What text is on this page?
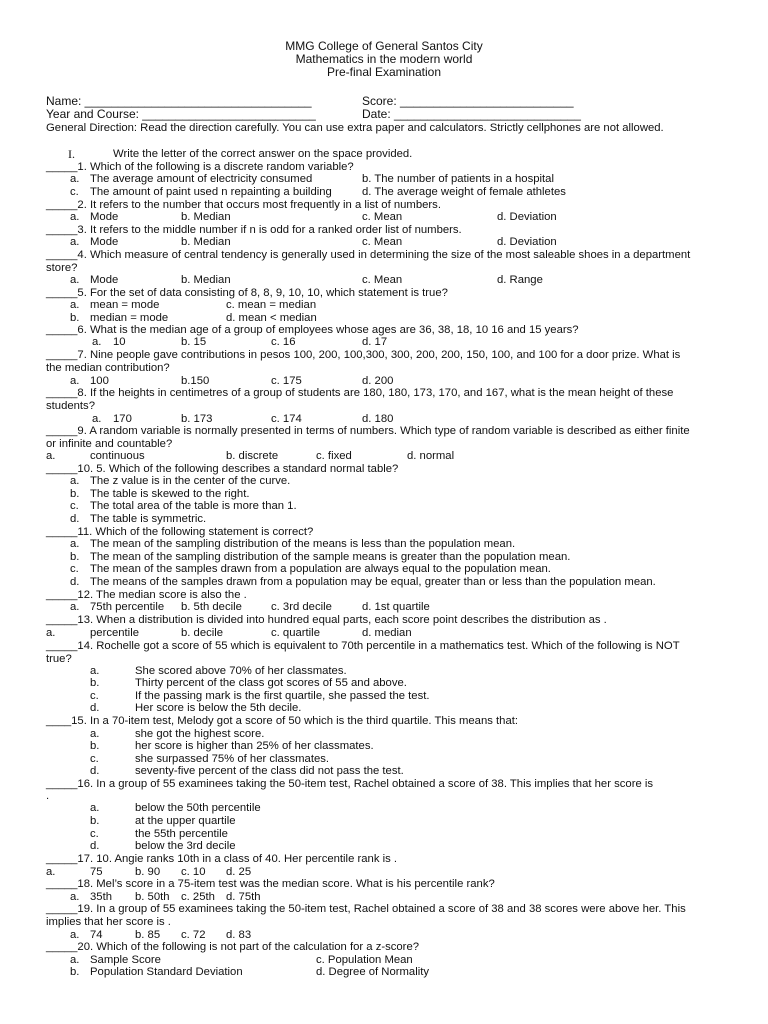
MMG College of General Santos City
Mathematics in the modern world
Pre-final Examination
Name: __________________________________	Score: __________________________
Year and Course: __________________________	Date: ____________________________
General Direction: Read the direction carefully. You can use extra paper and calculators. Strictly cellphones are not allowed.
I.	Write the letter of the correct answer on the space provided.
_____1. Which of the following is a discrete random variable?
a. The average amount of electricity consumed	b. The number of patients in a hospital
c. The amount of paint used n repainting a building	d. The average weight of female athletes
_____2. It refers to the number that occurs most frequently in a list of numbers.
a. Mode	b. Median	c. Mean	d. Deviation
_____3. It refers to the middle number if n is odd for a ranked order list of numbers.
a. Mode	b. Median	c. Mean	d. Deviation
_____4. Which measure of central tendency is generally used in determining the size of the most saleable shoes in a department store?
a. Mode	b. Median	c. Mean	d. Range
_____5. For the set of data consisting of 8, 8, 9, 10, 10, which statement is true?
a. mean = mode	c. mean = median
b. median = mode	d. mean < median
_____6. What is the median age of a group of employees whose ages are 36, 38, 18, 10 16 and 15 years?
a. 10	b. 15	c. 16	d. 17
_____7. Nine people gave contributions in pesos 100, 200, 100,300, 300, 200, 200, 150, 100, and 100 for a door prize. What is the median contribution?
a. 100	b.150	c. 175	d. 200
_____8. If the heights in centimetres of a group of students are 180, 180, 173, 170, and 167, what is the mean height of these students?
a. 170	b. 173	c. 174	d. 180
_____9. A random variable is normally presented in terms of numbers. Which type of random variable is described as either finite or infinite and countable?
a.	continuous	b. discrete	c. fixed	d. normal
_____10. 5. Which of the following describes a standard normal table?
a. The z value is in the center of the curve.
b. The table is skewed to the right.
c. The total area of the table is more than 1.
d. The table is symmetric.
_____11. Which of the following statement is correct?
a. The mean of the sampling distribution of the means is less than the population mean.
b. The mean of the sampling distribution of the sample means is greater than the population mean.
c. The mean of the samples drawn from a population are always equal to the population mean.
d. The means of the samples drawn from a population may be equal, greater than or less than the population mean.
_____12. The median score is also the .
a. 75th percentile b. 5th decile	c. 3rd decile	d. 1st quartile
_____13. When a distribution is divided into hundred equal parts, each score point describes the distribution as .
a.	percentile	b. decile	c. quartile	d. median
_____14. Rochelle got a score of 55 which is equivalent to 70th percentile in a mathematics test. Which of the following is NOT true?
a.	She scored above 70% of her classmates.
b.	Thirty percent of the class got scores of 55 and above.
c.	If the passing mark is the first quartile, she passed the test.
d.	Her score is below the 5th decile.
____15. In a 70-item test, Melody got a score of 50 which is the third quartile. This means that:
a.	she got the highest score.
b.	her score is higher than 25% of her classmates.
c.	she surpassed 75% of her classmates.
d.	seventy-five percent of the class did not pass the test.
_____16. In a group of 55 examinees taking the 50-item test, Rachel obtained a score of 38. This implies that her score is
.
a.	below the 50th percentile
b.	at the upper quartile
c.	the 55th percentile
d.	below the 3rd decile
_____17. 10. Angie ranks 10th in a class of 40. Her percentile rank is .
a.	75	b. 90 c. 10 d. 25
_____18. Mel’s score in a 75-item test was the median score. What is his percentile rank?
a. 35th b. 50th c. 25th d. 75th
_____19. In a group of 55 examinees taking the 50-item test, Rachel obtained a score of 38 and 38 scores were above her. This implies that her score is .
a. 74	b. 85 c. 72 d. 83
_____20. Which of the following is not part of the calculation for a z-score?
a. Sample Score	c. Population Mean
b. Population Standard Deviation	d. Degree of Normality
